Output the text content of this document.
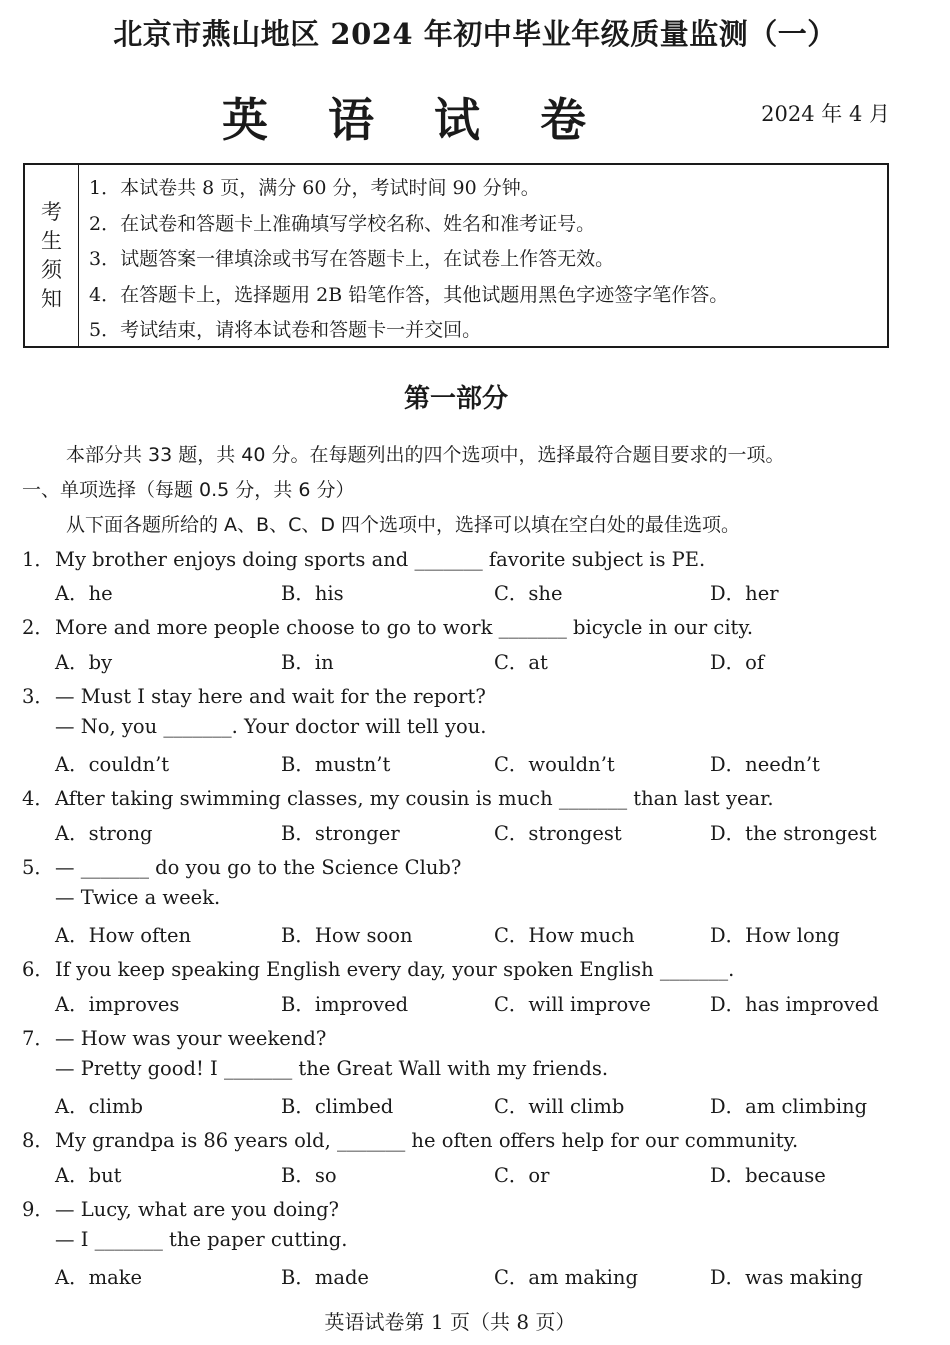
北京市燕山地区 2024 年初中毕业年级质量监测（一）
英 语 试 卷	2024 年 4 月
考
生
须
知
1．本试卷共 8 页，满分 60 分，考试时间 90 分钟。
2．在试卷和答题卡上准确填写学校名称、姓名和准考证号。
3．试题答案一律填涂或书写在答题卡上，在试卷上作答无效。
4．在答题卡上，选择题用 2B 铅笔作答，其他试题用黑色字迹签字笔作答。
5．考试结束，请将本试卷和答题卡一并交回。
第一部分
本部分共 33 题，共 40 分。在每题列出的四个选项中，选择最符合题目要求的一项。
一、单项选择（每题 0.5 分，共 6 分）
从下面各题所给的 A、B、C、D 四个选项中，选择可以填在空白处的最佳选项。
1．My brother enjoys doing sports and _______ favorite subject is PE.
A．he	B．his	C．she	D．her
2．More and more people choose to go to work _______ bicycle in our city.
A．by	B．in	C．at	D．of
3．— Must I stay here and wait for the report?
— No, you _______. Your doctor will tell you.
A．couldn’t	B．mustn’t	C．wouldn’t	D．needn’t
4．After taking swimming classes, my cousin is much _______ than last year.
A．strong	B．stronger	C．strongest	D．the strongest
5．— _______ do you go to the Science Club?
— Twice a week.
A．How often	B．How soon	C．How much	D．How long
6．If you keep speaking English every day, your spoken English _______.
A．improves	B．improved	C．will improve	D．has improved
7．— How was your weekend?
— Pretty good! I _______ the Great Wall with my friends.
A．climb	B．climbed	C．will climb	D．am climbing
8．My grandpa is 86 years old, _______ he often offers help for our community.
A．but	B．so	C．or	D．because
9．— Lucy, what are you doing?
— I _______ the paper cutting.
A．make	B．made	C．am making	D．was making
英语试卷第 1 页（共 8 页）
